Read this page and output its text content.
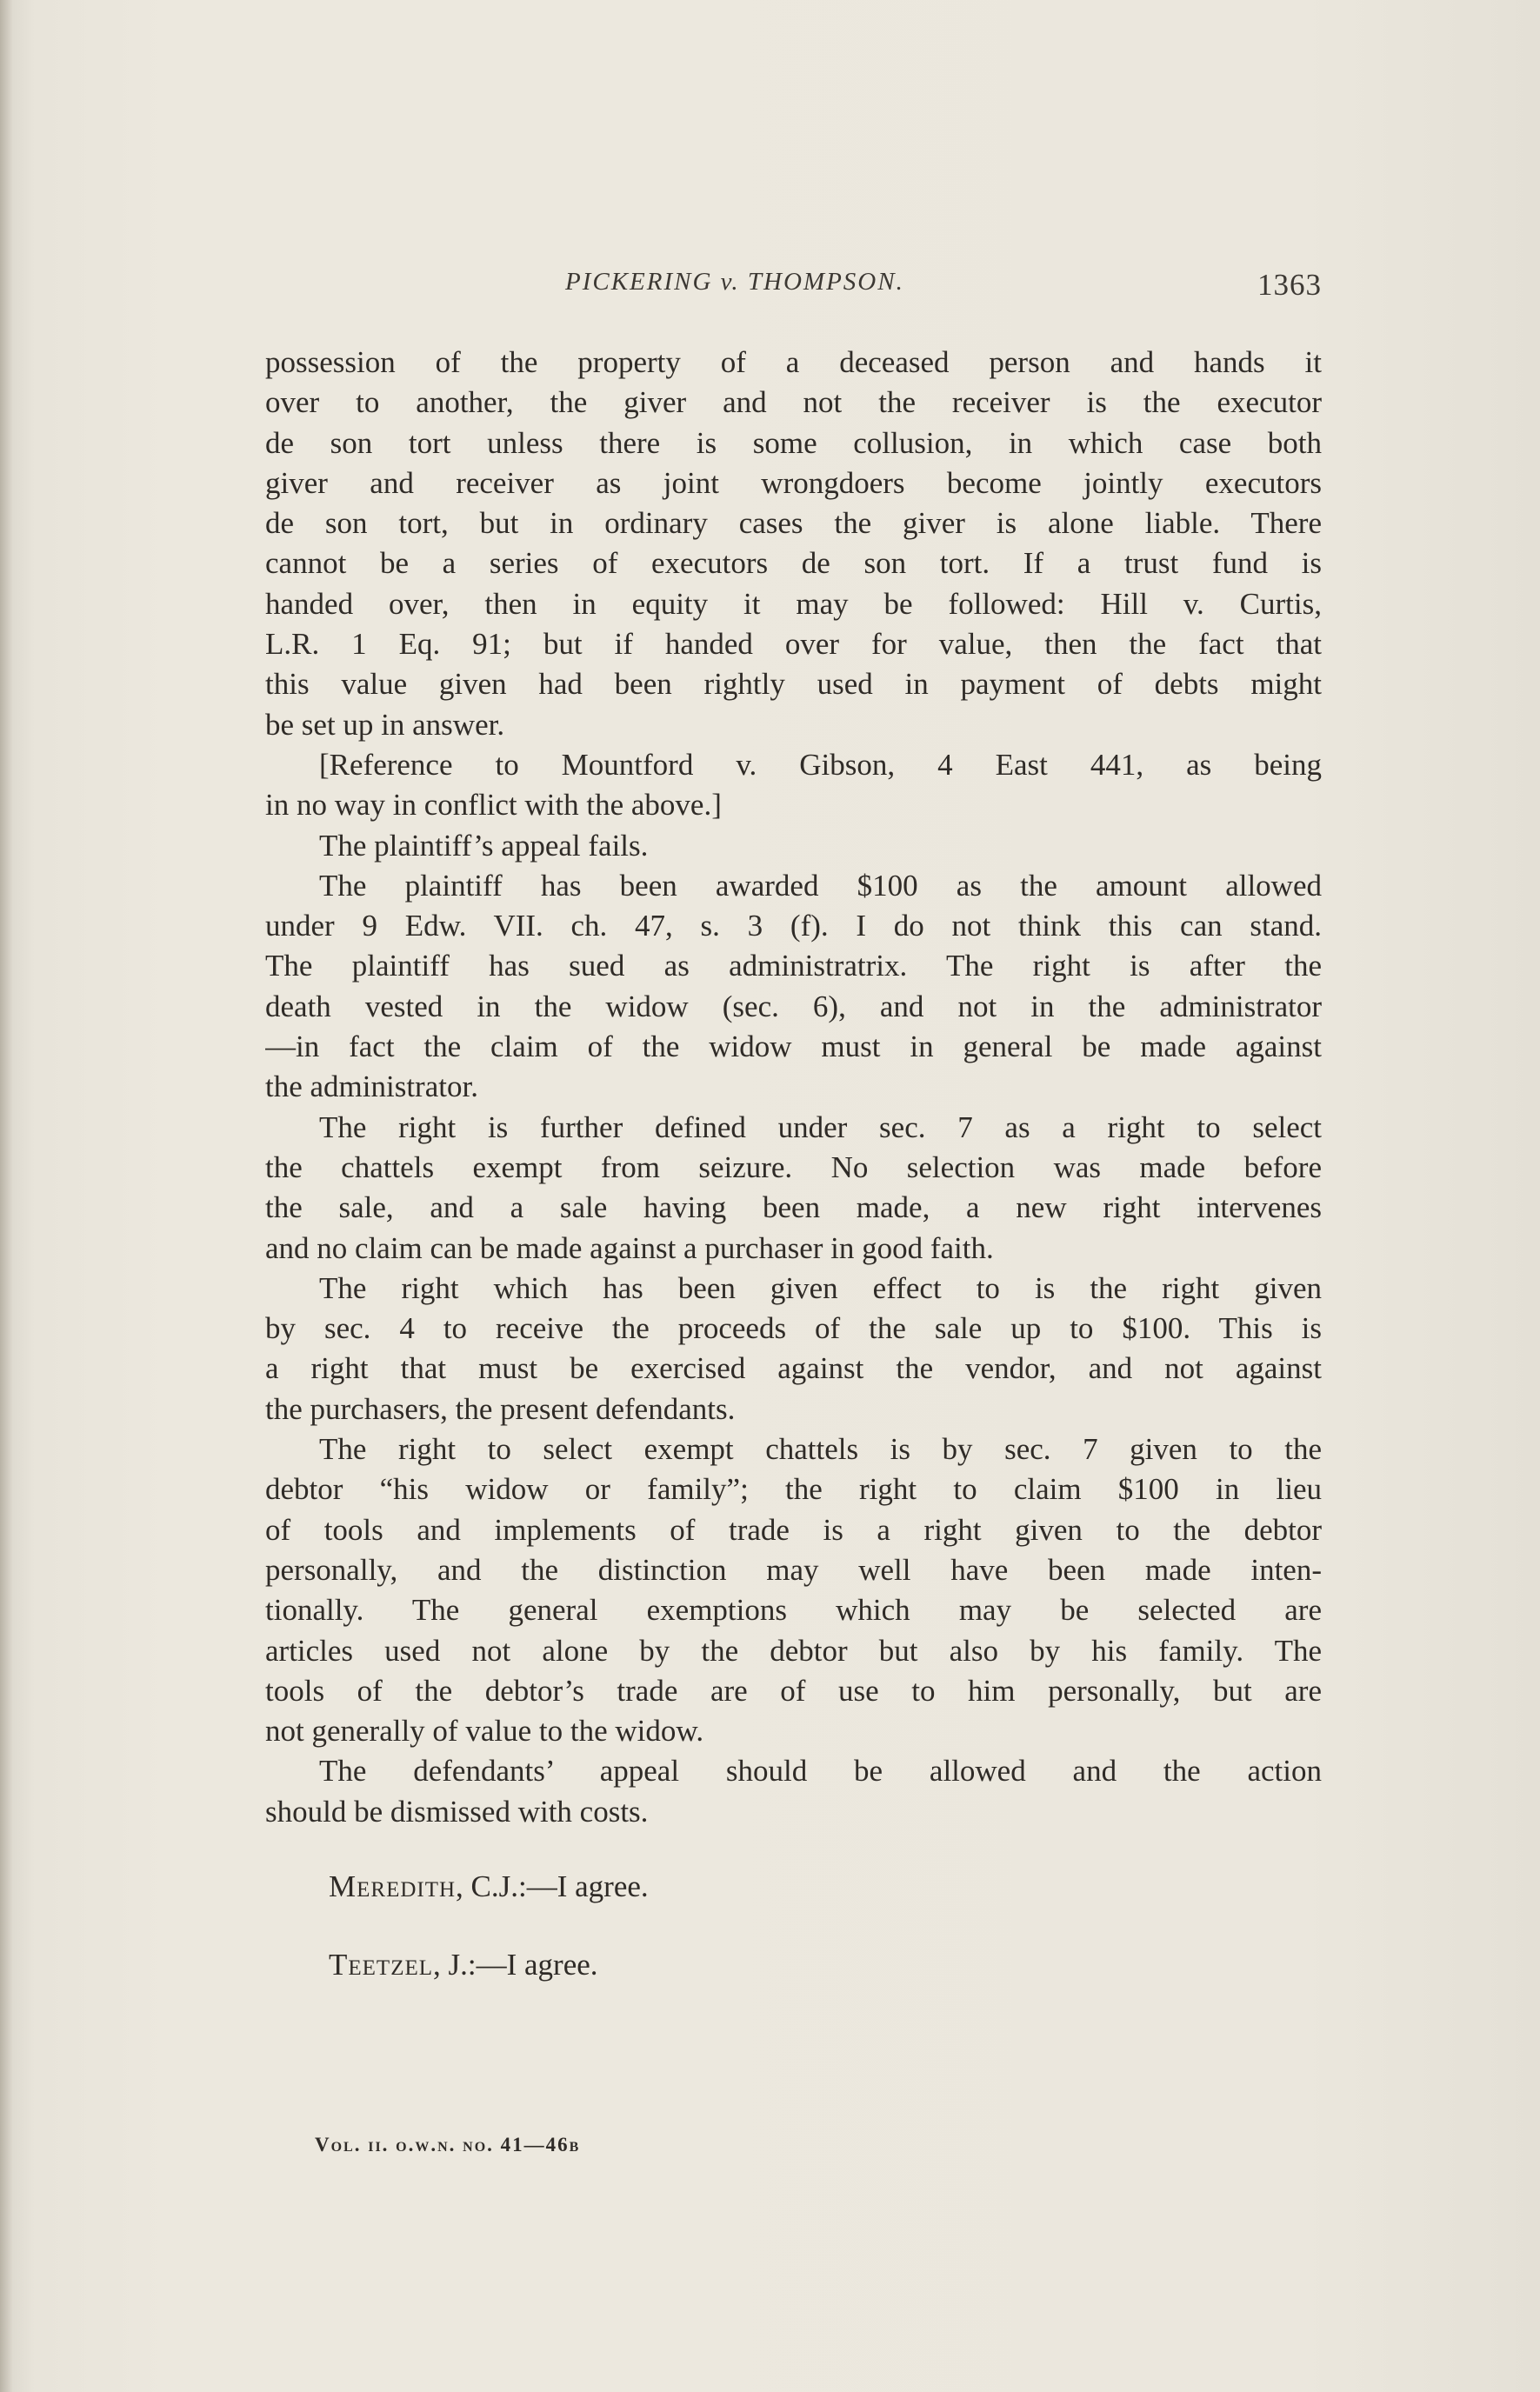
PICKERING v. THOMPSON.	1363
possession of the property of a deceased person and hands it
over to another, the giver and not the receiver is the executor
de son tort unless there is some collusion, in which case both
giver and receiver as joint wrongdoers become jointly executors
de son tort, but in ordinary cases the giver is alone liable. There
cannot be a series of executors de son tort. If a trust fund is
handed over, then in equity it may be followed: Hill v. Curtis,
L.R. 1 Eq. 91; but if handed over for value, then the fact that
this value given had been rightly used in payment of debts might
be set up in answer.
[Reference to Mountford v. Gibson, 4 East 441, as being
in no way in conflict with the above.]
The plaintiff’s appeal fails.
The plaintiff has been awarded $100 as the amount allowed
under 9 Edw. VII. ch. 47, s. 3 (f). I do not think this can stand.
The plaintiff has sued as administratrix. The right is after the
death vested in the widow (sec. 6), and not in the administrator
—in fact the claim of the widow must in general be made against
the administrator.
The right is further defined under sec. 7 as a right to select
the chattels exempt from seizure. No selection was made before
the sale, and a sale having been made, a new right intervenes
and no claim can be made against a purchaser in good faith.
The right which has been given effect to is the right given
by sec. 4 to receive the proceeds of the sale up to $100. This is
a right that must be exercised against the vendor, and not against
the purchasers, the present defendants.
The right to select exempt chattels is by sec. 7 given to the
debtor “his widow or family”; the right to claim $100 in lieu
of tools and implements of trade is a right given to the debtor
personally, and the distinction may well have been made inten-
tionally. The general exemptions which may be selected are
articles used not alone by the debtor but also by his family. The
tools of the debtor’s trade are of use to him personally, but are
not generally of value to the widow.
The defendants’ appeal should be allowed and the action
should be dismissed with costs.
Meredith, C.J.:—I agree.
Teetzel, J.:—I agree.
Vol. ii. o.w.n. no. 41—46b
